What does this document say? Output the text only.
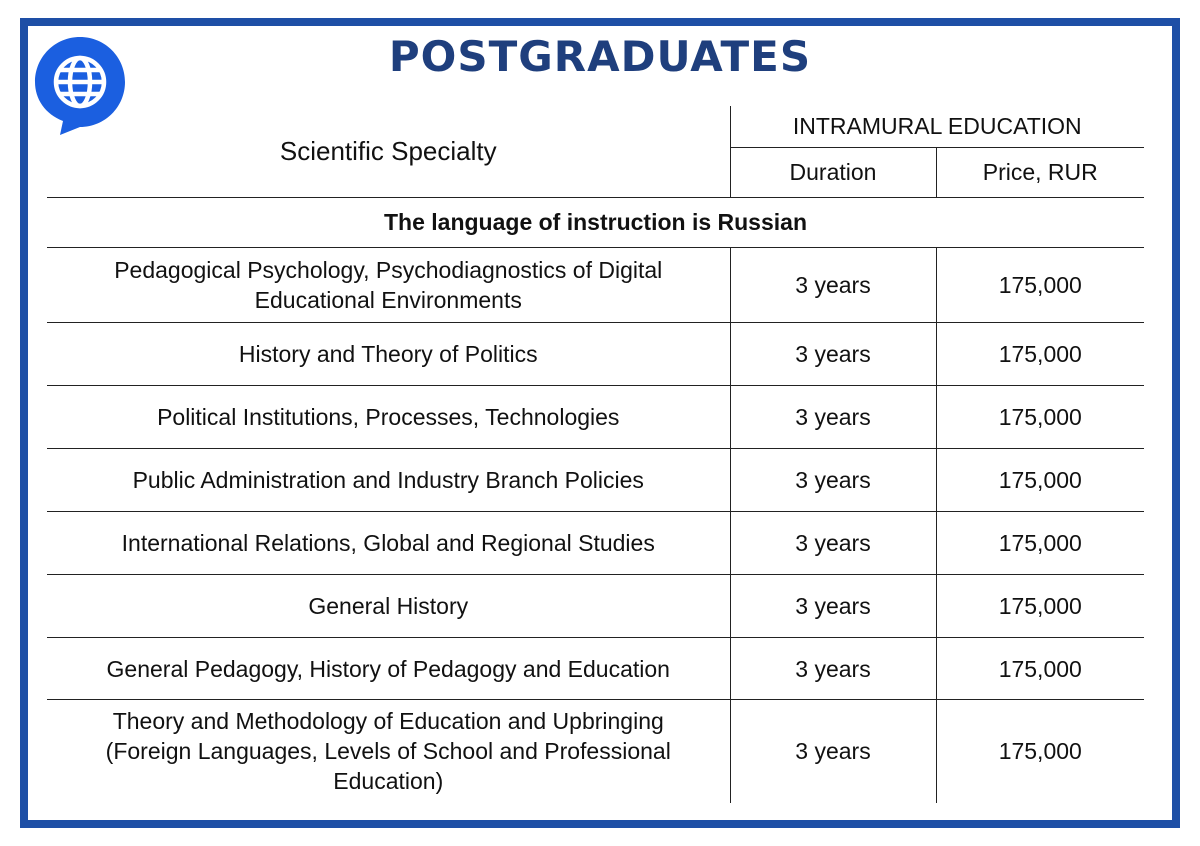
POSTGRADUATES
Scientific Specialty	INTRAMURAL EDUCATION	
	Duration	Price, RUR
The language of instruction is Russian		
Pedagogical Psychology, Psychodiagnostics of Digital Educational Environments	3 years	175,000
History and Theory of Politics	3 years	175,000
Political Institutions, Processes, Technologies	3 years	175,000
Public Administration and Industry Branch Policies	3 years	175,000
International Relations, Global and Regional Studies	3 years	175,000
General History	3 years	175,000
General Pedagogy, History of Pedagogy and Education	3 years	175,000
Theory and Methodology of Education and Upbringing (Foreign Languages, Levels of School and Professional Education)	3 years	175,000
